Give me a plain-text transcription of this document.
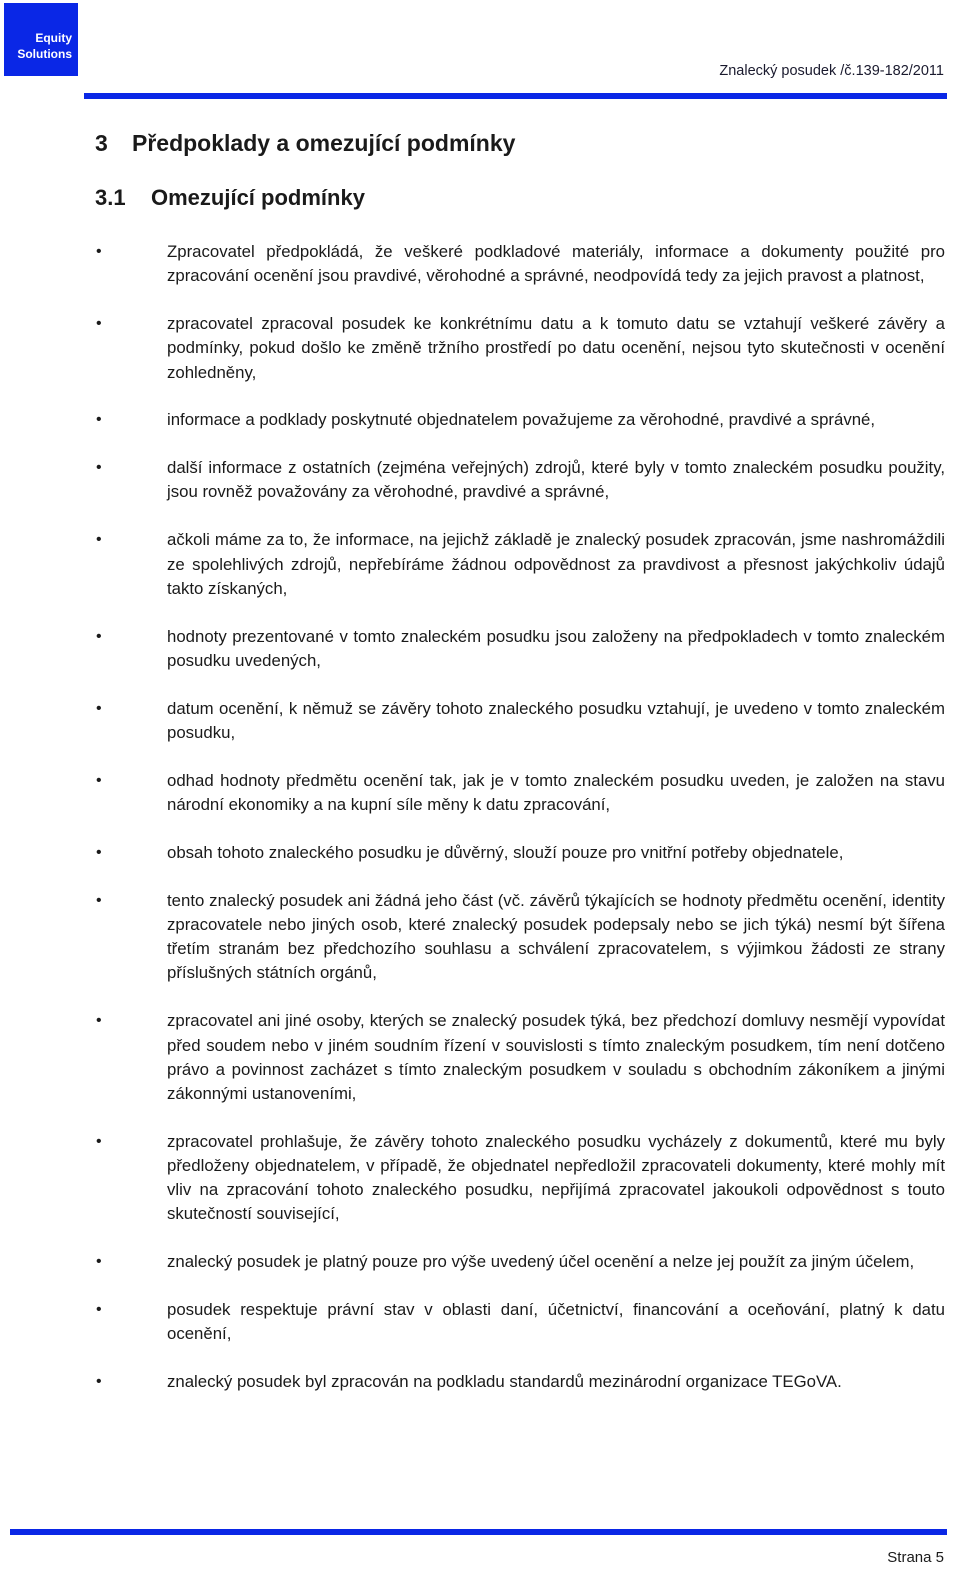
Equity
Solutions
Znalecký posudek /č.139-182/2011
3 Předpoklady a omezující podmínky
3.1 Omezující podmínky
•	Zpracovatel předpokládá, že veškeré podkladové materiály, informace a dokumenty použité pro zpracování ocenění jsou pravdivé, věrohodné a správné, neodpovídá tedy za jejich pravost a platnost,
•	zpracovatel zpracoval posudek ke konkrétnímu datu a k tomuto datu se vztahují veškeré závěry a podmínky, pokud došlo ke změně tržního prostředí po datu ocenění, nejsou tyto skutečnosti v ocenění zohledněny,
•	informace a podklady poskytnuté objednatelem považujeme za věrohodné, pravdivé a správné,
•	další informace z ostatních (zejména veřejných) zdrojů, které byly v tomto znaleckém posudku použity, jsou rovněž považovány za věrohodné, pravdivé a správné,
•	ačkoli máme za to, že informace, na jejichž základě je znalecký posudek zpracován, jsme nashromáždili ze spolehlivých zdrojů, nepřebíráme žádnou odpovědnost za pravdivost a přesnost jakýchkoliv údajů takto získaných,
•	hodnoty prezentované v tomto znaleckém posudku jsou založeny na předpokladech v tomto znaleckém posudku uvedených,
•	datum ocenění, k němuž se závěry tohoto znaleckého posudku vztahují, je uvedeno v tomto znaleckém posudku,
•	odhad hodnoty předmětu ocenění tak, jak je v tomto znaleckém posudku uveden, je založen na stavu národní ekonomiky a na kupní síle měny k datu zpracování,
•	obsah tohoto znaleckého posudku je důvěrný, slouží pouze pro vnitřní potřeby objednatele,
•	tento znalecký posudek ani žádná jeho část (vč. závěrů týkajících se hodnoty předmětu ocenění, identity zpracovatele nebo jiných osob, které znalecký posudek podepsaly nebo se jich týká) nesmí být šířena třetím stranám bez předchozího souhlasu a schválení zpracovatelem, s výjimkou žádosti ze strany příslušných státních orgánů,
•	zpracovatel ani jiné osoby, kterých se znalecký posudek týká, bez předchozí domluvy nesmějí vypovídat před soudem nebo v jiném soudním řízení v souvislosti s tímto znaleckým posudkem, tím není dotčeno právo a povinnost zacházet s tímto znaleckým posudkem v souladu s obchodním zákoníkem a jinými zákonnými ustanoveními,
•	zpracovatel prohlašuje, že závěry tohoto znaleckého posudku vycházely z dokumentů, které mu byly předloženy objednatelem, v případě, že objednatel nepředložil zpracovateli dokumenty, které mohly mít vliv na zpracování tohoto znaleckého posudku, nepřijímá zpracovatel jakoukoli odpovědnost s touto skutečností související,
•	znalecký posudek je platný pouze pro výše uvedený účel ocenění a nelze jej použít za jiným účelem,
•	posudek respektuje právní stav v oblasti daní, účetnictví, financování a oceňování, platný k datu ocenění,
•	znalecký posudek byl zpracován na podkladu standardů mezinárodní organizace TEGoVA.
Strana 5
